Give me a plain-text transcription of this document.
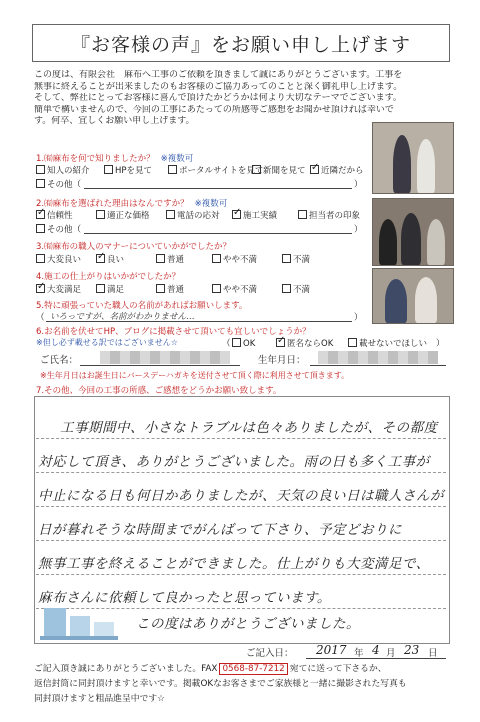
『お客様の声』をお願い申し上げます
この度は、有限会社　麻布へ工事のご依頼を頂きまして誠にありがとうございます。工事を
無事に終えることが出来ましたのもお客様のご協力あってのことと深く御礼申し上げます。
そして、弊社にとってお客様に喜んで頂けたかどうかは何より大切なテーマでございます。
簡単で構いませんので、今回の工事にあたっての所感等ご感想をお聞かせ頂ければ幸いで
す。何卒、宜しくお願い申し上げます。
1.㈲麻布を何で知りましたか？ ※複数可
知人の紹介	HPを見て	ポータルサイトを見て 新聞を見て ✓	近隣だから
その他（	）
2.㈲麻布を選ばれた理由はなんですか？ ※複数可
✓信頼性	適正な価格	電話の応対 ✓	施工実績	担当者の印象
その他（	）
3.㈲麻布の職人のマナーについていかがでしたか？
大変良い ✓	良い	普通	やや不満	不満
4.施工の仕上がりはいかがでしたか？
✓大変満足	満足	普通	やや不満	不満
5.特に頑張っていた職人の名前があればお願いします。
（ いろっですが、名前がわかりません…	）
6.お名前を伏せてHP、ブログに掲載させて頂いても宜しいでしょうか？
※但し必ず載せる訳ではございません☆	（	OK ✓	匿名ならOK	載せないでほしい ）
ご氏名：	生年月日：
※生年月日はお誕生日にバースデーハガキを送付させて頂く際に利用させて頂きます。
7.その他、今回の工事の所感、ご感想をどうかお願い致します。
工事期間中、小さなトラブルは色々ありましたが、その都度
対応して頂き、ありがとうございました。雨の日も多く工事が
中止になる日も何日かありましたが、天気の良い日は職人さんが
日が暮れそうな時間までがんばって下さり、予定どおりに
無事工事を終えることができました。仕上がりも大変満足で、
麻布さんに依頼して良かったと思っています。
この度はありがとうございました。
ご記入日： 2017 年 4 月 23 日
ご記入頂き誠にありがとうございました。FAX 0568-87-7212 宛てに送って下さるか、
返信封筒に同封頂けますと幸いです。掲載OKなお客さまでご家族様と一緒に撮影された写真も
同封頂けますと粗品進呈中です☆
